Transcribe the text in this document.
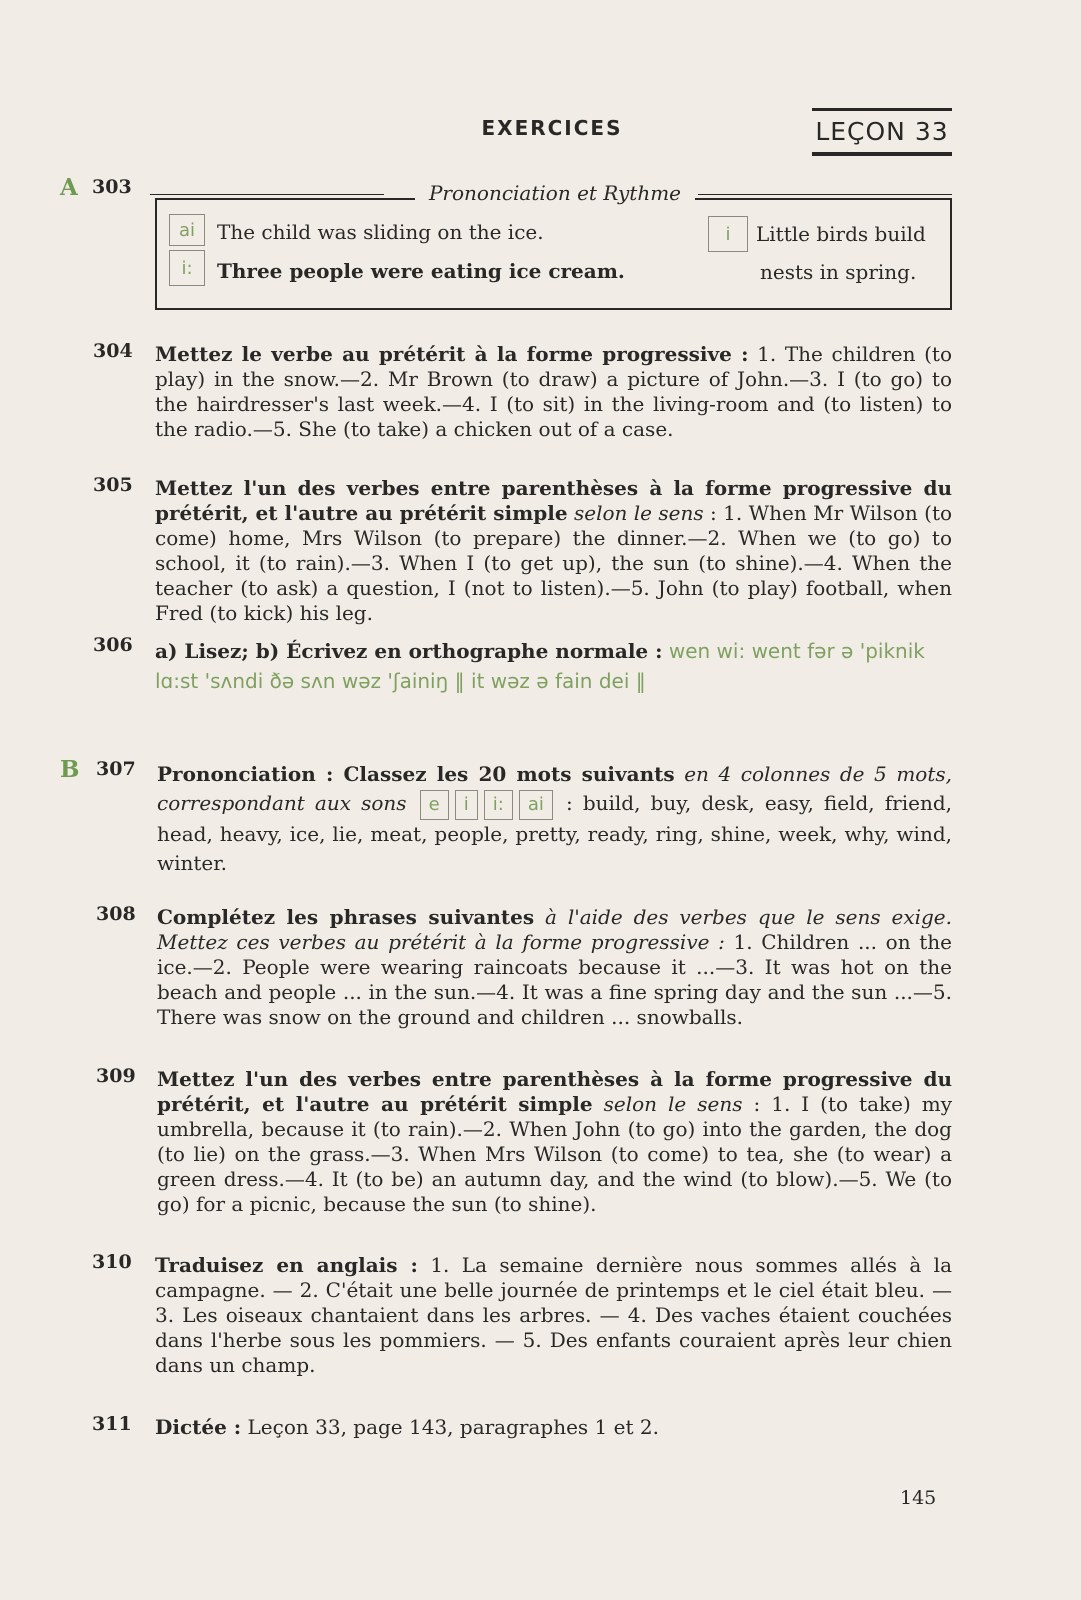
EXERCICES	LEÇON 33
A 303	Prononciation et Rythme
ai
i:
i
The child was sliding on the ice.
Three people were eating ice cream.
Little birds build
nests in spring.
304 Mettez le verbe au prétérit à la forme progressive : 1. The children (to play) in the snow.—2. Mr Brown (to draw) a picture of John.—3. I (to go) to the hairdresser's last week.—4. I (to sit) in the living-room and (to listen) to the radio.—5. She (to take) a chicken out of a case.
305 Mettez l'un des verbes entre parenthèses à la forme progressive du prétérit, et l'autre au prétérit simple selon le sens : 1. When Mr Wilson (to come) home, Mrs Wilson (to prepare) the dinner.—2. When we (to go) to school, it (to rain).—3. When I (to get up), the sun (to shine).—4. When the teacher (to ask) a question, I (not to listen).—5. John (to play) football, when Fred (to kick) his leg.
306 a) Lisez; b) Écrivez en orthographe normale : wen wi: went fər ə 'piknik
lɑ:st 'sʌndi ðə sʌn wəz 'ʃainiŋ ‖ it wəz ə fain dei ‖
B 307 Prononciation : Classez les 20 mots suivants en 4 colonnes de 5 mots, correspondant aux sons e i i: ai : build, buy, desk, easy, field, friend, head, heavy, ice, lie, meat, people, pretty, ready, ring, shine, week, why, wind, winter.
308 Complétez les phrases suivantes à l'aide des verbes que le sens exige. Mettez ces verbes au prétérit à la forme progressive : 1. Children ... on the ice.—2. People were wearing raincoats because it ...—3. It was hot on the beach and people ... in the sun.—4. It was a fine spring day and the sun ...—5. There was snow on the ground and children ... snowballs.
309 Mettez l'un des verbes entre parenthèses à la forme progressive du prétérit, et l'autre au prétérit simple selon le sens : 1. I (to take) my umbrella, because it (to rain).—2. When John (to go) into the garden, the dog (to lie) on the grass.—3. When Mrs Wilson (to come) to tea, she (to wear) a green dress.—4. It (to be) an autumn day, and the wind (to blow).—5. We (to go) for a picnic, because the sun (to shine).
310 Traduisez en anglais : 1. La semaine dernière nous sommes allés à la campagne. — 2. C'était une belle journée de printemps et le ciel était bleu. — 3. Les oiseaux chantaient dans les arbres. — 4. Des vaches étaient couchées dans l'herbe sous les pommiers. — 5. Des enfants couraient après leur chien dans un champ.
311 Dictée : Leçon 33, page 143, paragraphes 1 et 2.
145
